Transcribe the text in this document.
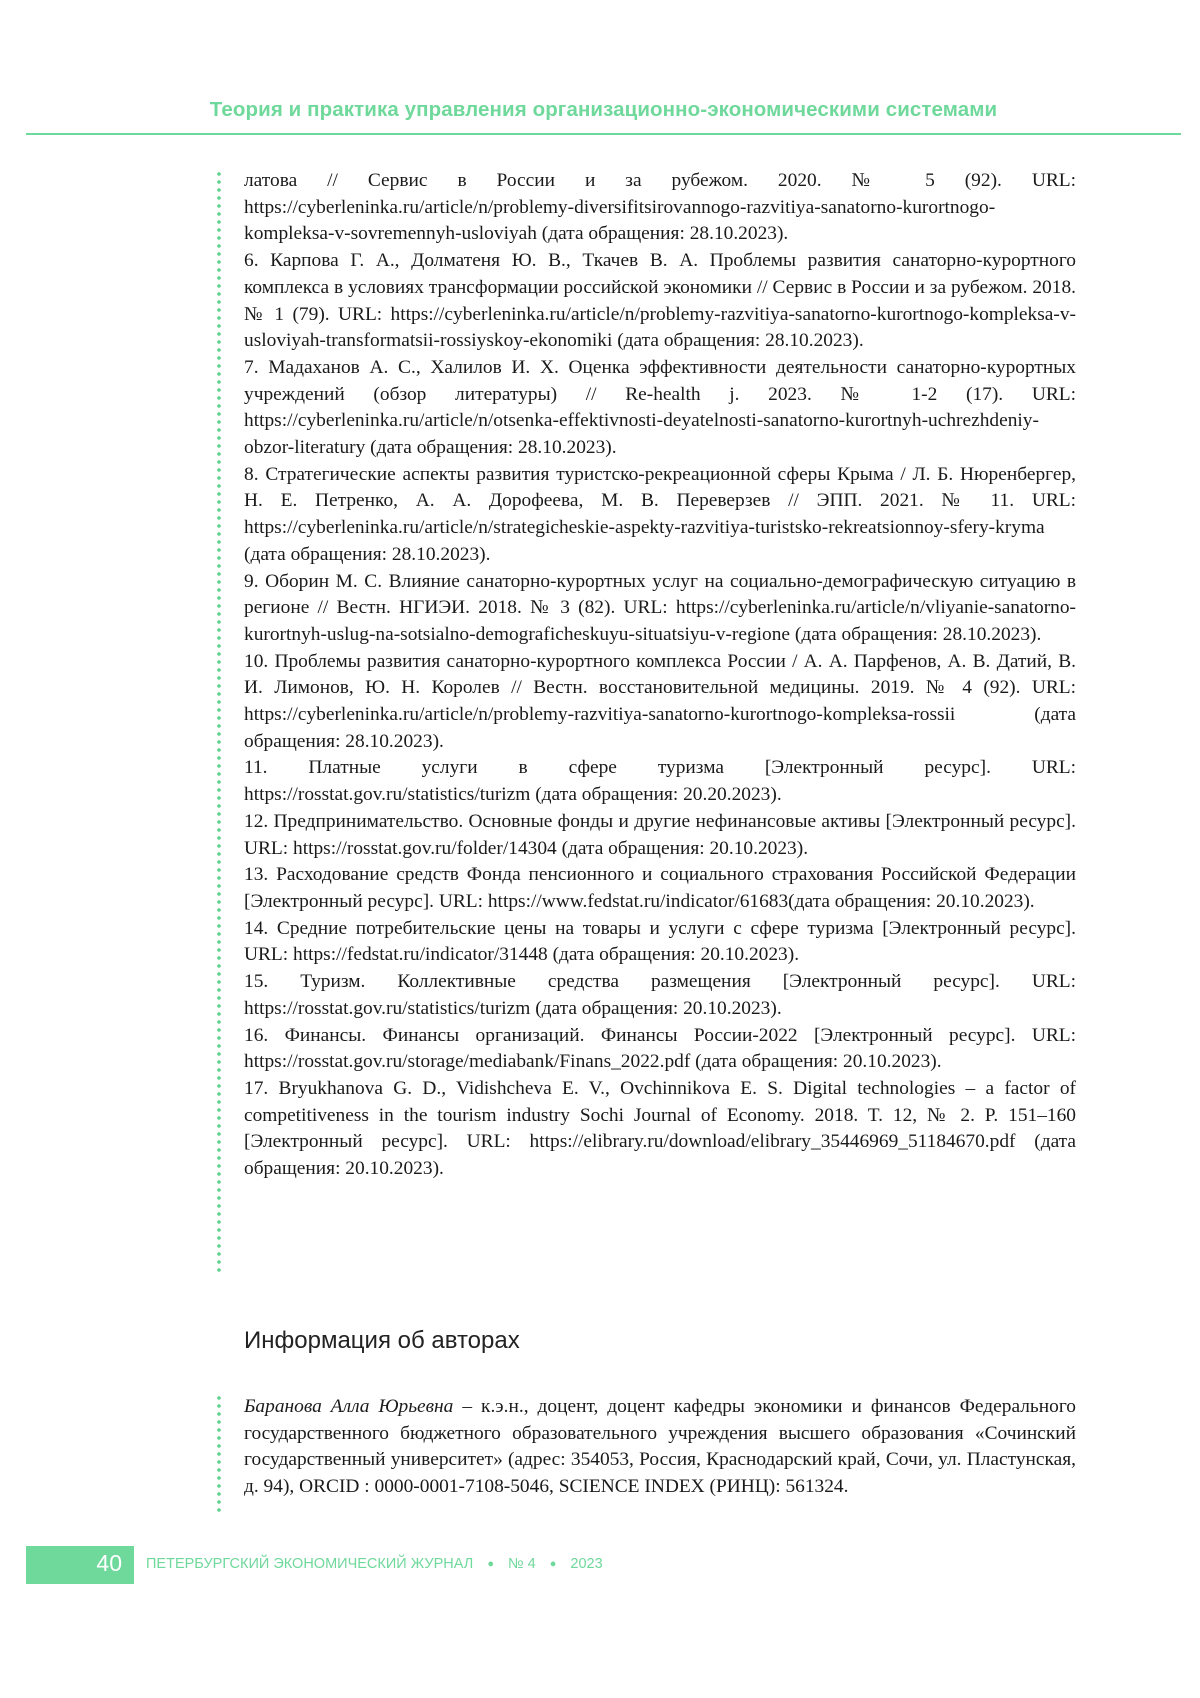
Теория и практика управления организационно-экономическими системами

латова // Сервис в России и за рубежом. 2020. № 5 (92). URL: https://cyberleninka.ru/article/n/problemy-diversifitsirovannogo-razvitiya-sanatorno-kurortnogo-kompleksa-v-sovremennyh-usloviyah (дата обращения: 28.10.2023).

6. Карпова Г. А., Долматеня Ю. В., Ткачев В. А. Проблемы развития санаторно-курортного комплекса в условиях трансформации российской экономики // Сервис в России и за рубежом. 2018. № 1 (79). URL: https://cyberleninka.ru/article/n/problemy-razvitiya-sanatorno-kurortnogo-kompleksa-v-usloviyah-transformatsii-rossiyskoy-ekonomiki (дата обращения: 28.10.2023).

7. Мадаханов А. С., Халилов И. Х. Оценка эффективности деятельности санаторно-курортных учреждений (обзор литературы) // Re-health j. 2023. № 1-2 (17). URL: https://cyberleninka.ru/article/n/otsenka-effektivnosti-deyatelnosti-sanatorno-kurortnyh-uchrezhdeniy-obzor-literatury (дата обращения: 28.10.2023).

8. Стратегические аспекты развития туристско-рекреационной сферы Крыма / Л. Б. Нюренбергер, Н. Е. Петренко, А. А. Дорофеева, М. В. Переверзев // ЭПП. 2021. № 11. URL: https://cyberleninka.ru/article/n/strategicheskie-aspekty-razvitiya-turistsko-rekreatsionnoy-sfery-kryma (дата обращения: 28.10.2023).

9. Оборин М. С. Влияние санаторно-курортных услуг на социально-демографическую ситуацию в регионе // Вестн. НГИЭИ. 2018. № 3 (82). URL: https://cyberleninka.ru/article/n/vliyanie-sanatorno-kurortnyh-uslug-na-sotsialno-demograficheskuyu-situatsiyu-v-regione (дата обращения: 28.10.2023).

10. Проблемы развития санаторно-курортного комплекса России / А. А. Парфенов, А. В. Датий, В. И. Лимонов, Ю. Н. Королев // Вестн. восстановительной медицины. 2019. № 4 (92). URL: https://cyberleninka.ru/article/n/problemy-razvitiya-sanatorno-kurortnogo-kompleksa-rossii (дата обращения: 28.10.2023).

11. Платные услуги в сфере туризма [Электронный ресурс]. URL: https://rosstat.gov.ru/statistics/turizm (дата обращения: 20.20.2023).

12. Предпринимательство. Основные фонды и другие нефинансовые активы [Электронный ресурс]. URL: https://rosstat.gov.ru/folder/14304 (дата обращения: 20.10.2023).

13. Расходование средств Фонда пенсионного и социального страхования Российской Федерации [Электронный ресурс]. URL: https://www.fedstat.ru/indicator/61683(дата обращения: 20.10.2023).

14. Средние потребительские цены на товары и услуги с сфере туризма [Электронный ресурс]. URL: https://fedstat.ru/indicator/31448 (дата обращения: 20.10.2023).

15. Туризм. Коллективные средства размещения [Электронный ресурс]. URL: https://rosstat.gov.ru/statistics/turizm (дата обращения: 20.10.2023).

16. Финансы. Финансы организаций. Финансы России-2022 [Электронный ресурс]. URL: https://rosstat.gov.ru/storage/mediabank/Finans_2022.pdf (дата обращения: 20.10.2023).

17. Bryukhanova G. D., Vidishcheva E. V., Ovchinnikova E. S. Digital technologies – a factor of competitiveness in the tourism industry Sochi Journal of Economy. 2018. T. 12, № 2. P. 151–160 [Электронный ресурс]. URL: https://elibrary.ru/download/elibrary_35446969_51184670.pdf (дата обращения: 20.10.2023).

Информация об авторах

Баранова Алла Юрьевна – к.э.н., доцент, доцент кафедры экономики и финансов Федерального государственного бюджетного образовательного учреждения высшего образования «Сочинский государственный университет» (адрес: 354053, Россия, Краснодарский край, Сочи, ул. Пластунская, д. 94), ORCID : 0000-0001-7108-5046, SCIENCE INDEX (РИНЦ): 561324.

40 ПЕТЕРБУРГСКИЙ ЭКОНОМИЧЕСКИЙ ЖУРНАЛ ● № 4 ● 2023
